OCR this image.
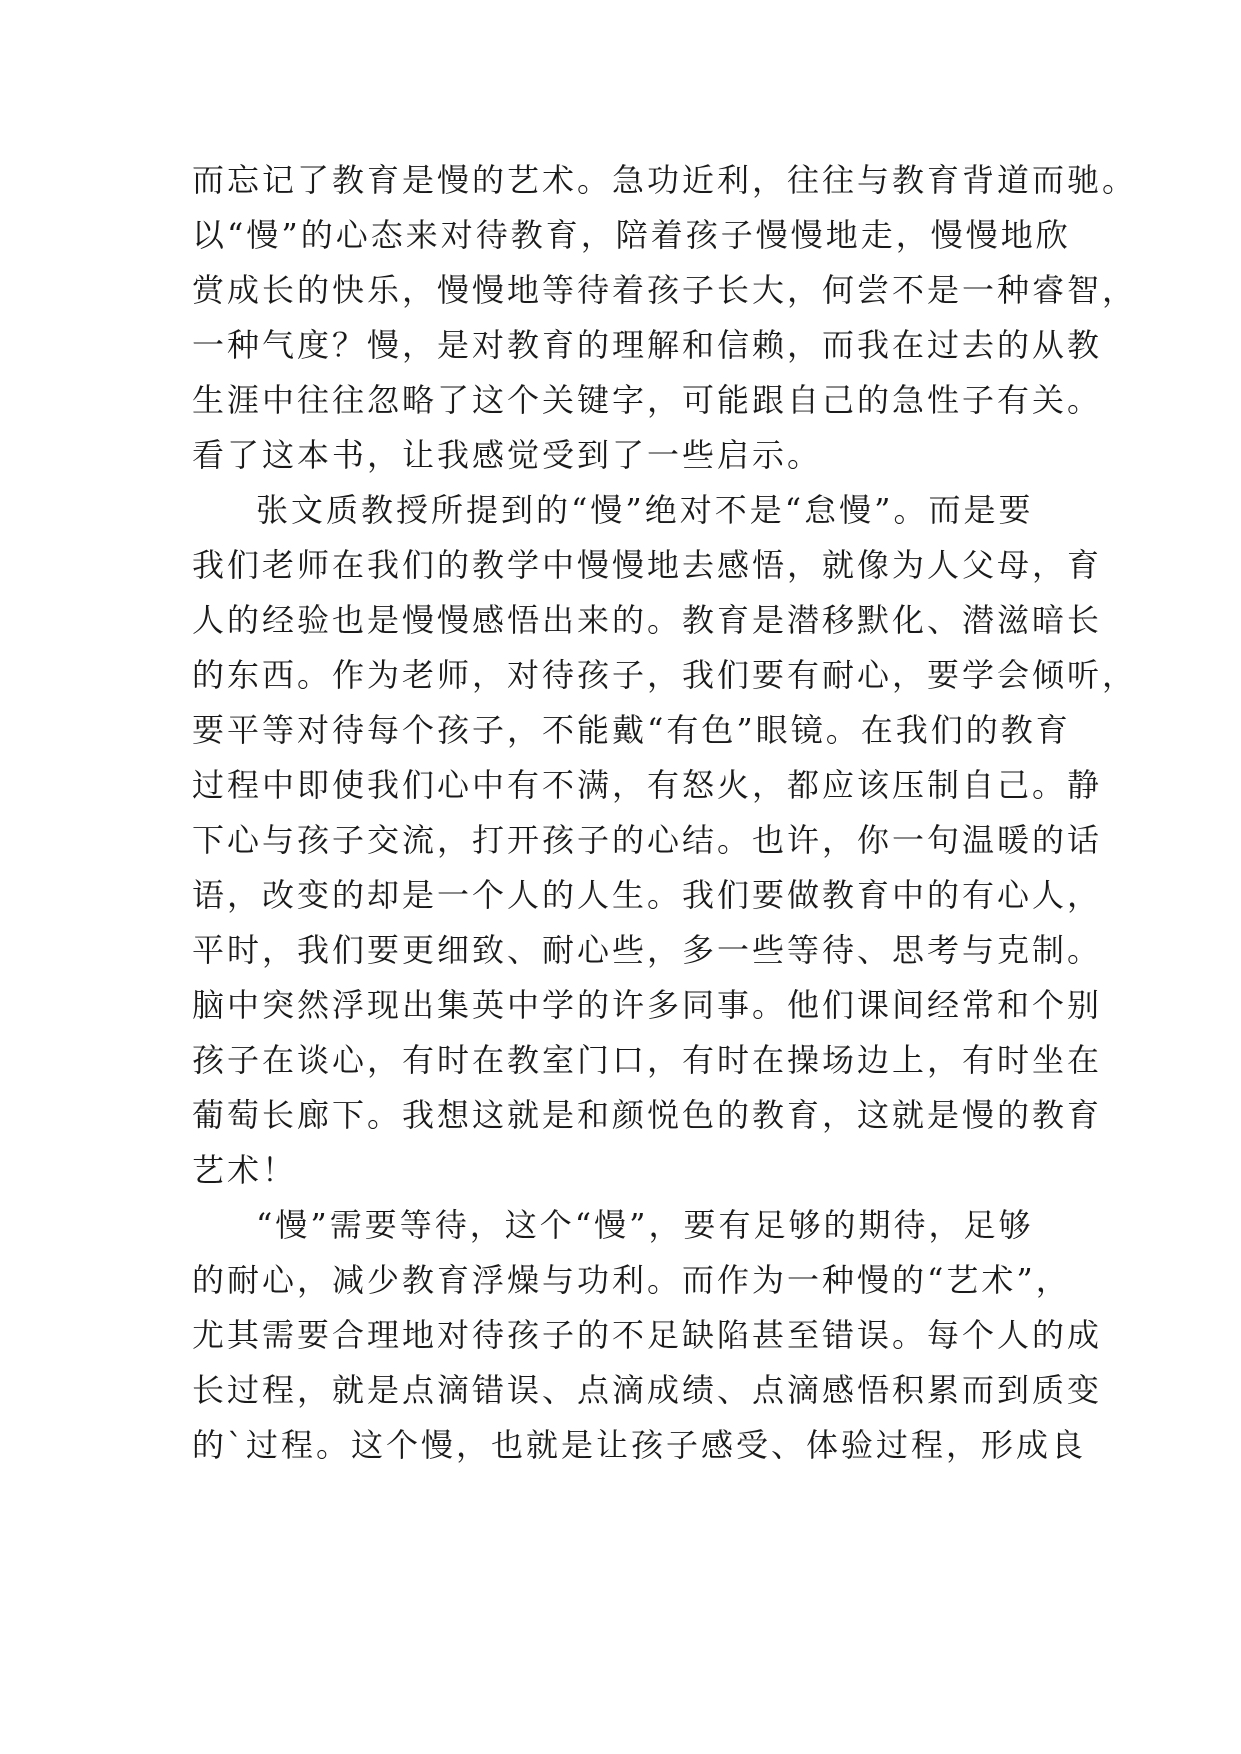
而忘记了教育是慢的艺术。急功近利，往往与教育背道而驰。
以“慢”的心态来对待教育，陪着孩子慢慢地走，慢慢地欣
赏成长的快乐，慢慢地等待着孩子长大，何尝不是一种睿智，
一种气度？慢，是对教育的理解和信赖，而我在过去的从教
生涯中往往忽略了这个关键字，可能跟自己的急性子有关。
看了这本书，让我感觉受到了一些启示。
张文质教授所提到的“慢”绝对不是“怠慢”。而是要
我们老师在我们的教学中慢慢地去感悟，就像为人父母，育
人的经验也是慢慢感悟出来的。教育是潜移默化、潜滋暗长
的东西。作为老师，对待孩子，我们要有耐心，要学会倾听，
要平等对待每个孩子，不能戴“有色”眼镜。在我们的教育
过程中即使我们心中有不满，有怒火，都应该压制自己。静
下心与孩子交流，打开孩子的心结。也许，你一句温暖的话
语，改变的却是一个人的人生。我们要做教育中的有心人，
平时，我们要更细致、耐心些，多一些等待、思考与克制。
脑中突然浮现出集英中学的许多同事。他们课间经常和个别
孩子在谈心，有时在教室门口，有时在操场边上，有时坐在
葡萄长廊下。我想这就是和颜悦色的教育，这就是慢的教育
艺术！
“慢”需要等待，这个“慢”，要有足够的期待，足够
的耐心，减少教育浮燥与功利。而作为一种慢的“艺术”，
尤其需要合理地对待孩子的不足缺陷甚至错误。每个人的成
长过程，就是点滴错误、点滴成绩、点滴感悟积累而到质变
的`过程。这个慢，也就是让孩子感受、体验过程，形成良
